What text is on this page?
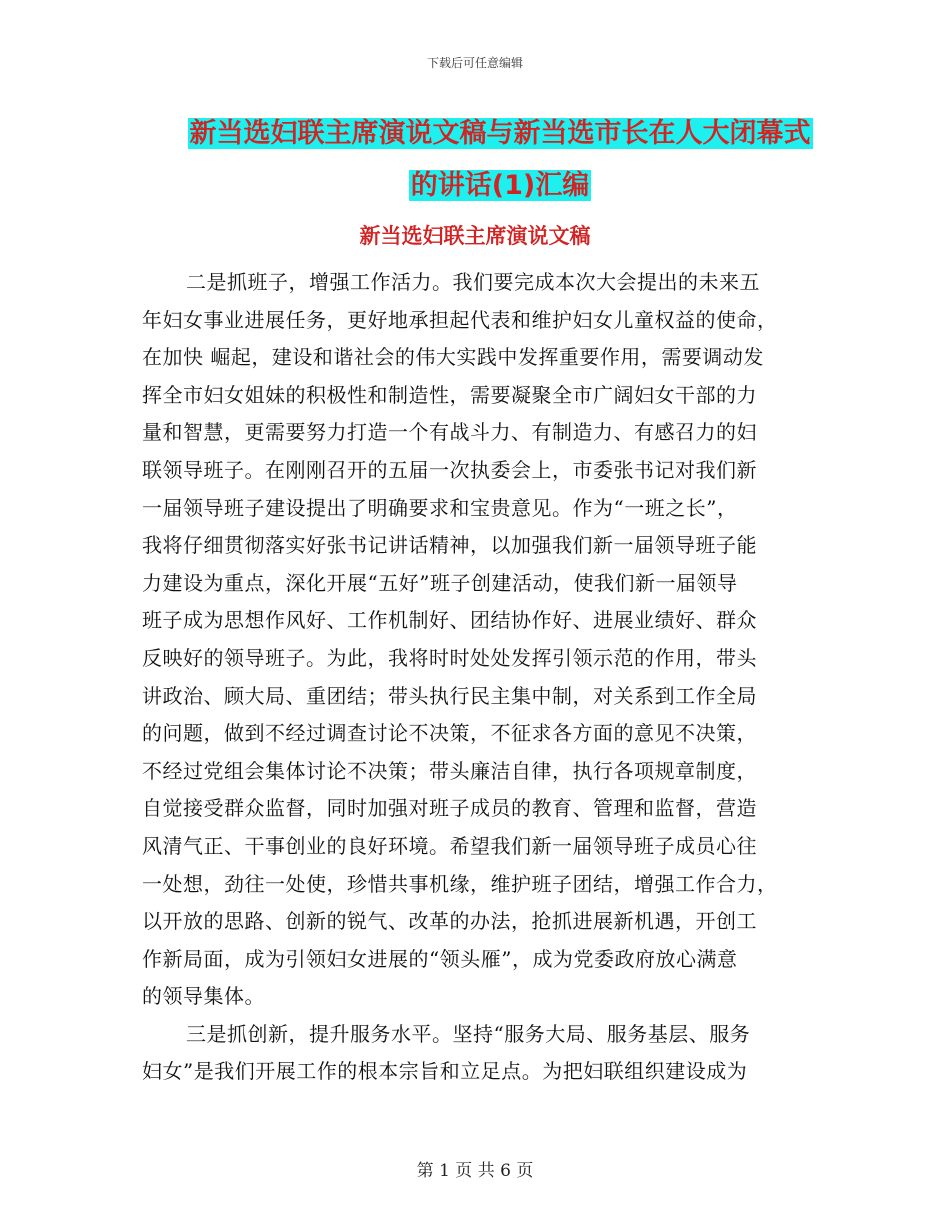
下载后可任意编辑
新当选妇联主席演说文稿与新当选市长在人大闭幕式
的讲话(1)汇编
新当选妇联主席演说文稿
二是抓班子，增强工作活力。我们要完成本次大会提出的未来五
年妇女事业进展任务，更好地承担起代表和维护妇女儿童权益的使命，
在加快 崛起，建设和谐社会的伟大实践中发挥重要作用，需要调动发
挥全市妇女姐妹的积极性和制造性，需要凝聚全市广阔妇女干部的力
量和智慧，更需要努力打造一个有战斗力、有制造力、有感召力的妇
联领导班子。在刚刚召开的五届一次执委会上，市委张书记对我们新
一届领导班子建设提出了明确要求和宝贵意见。作为“一班之长”，
我将仔细贯彻落实好张书记讲话精神，以加强我们新一届领导班子能
力建设为重点，深化开展“五好”班子创建活动，使我们新一届领导
班子成为思想作风好、工作机制好、团结协作好、进展业绩好、群众
反映好的领导班子。为此，我将时时处处发挥引领示范的作用，带头
讲政治、顾大局、重团结；带头执行民主集中制，对关系到工作全局
的问题，做到不经过调查讨论不决策，不征求各方面的意见不决策，
不经过党组会集体讨论不决策；带头廉洁自律，执行各项规章制度，
自觉接受群众监督，同时加强对班子成员的教育、管理和监督，营造
风清气正、干事创业的良好环境。希望我们新一届领导班子成员心往
一处想，劲往一处使，珍惜共事机缘，维护班子团结，增强工作合力，
以开放的思路、创新的锐气、改革的办法，抢抓进展新机遇，开创工
作新局面，成为引领妇女进展的“领头雁”，成为党委政府放心满意
的领导集体。
三是抓创新，提升服务水平。坚持“服务大局、服务基层、服务
妇女”是我们开展工作的根本宗旨和立足点。为把妇联组织建设成为
第 1 页 共 6 页
